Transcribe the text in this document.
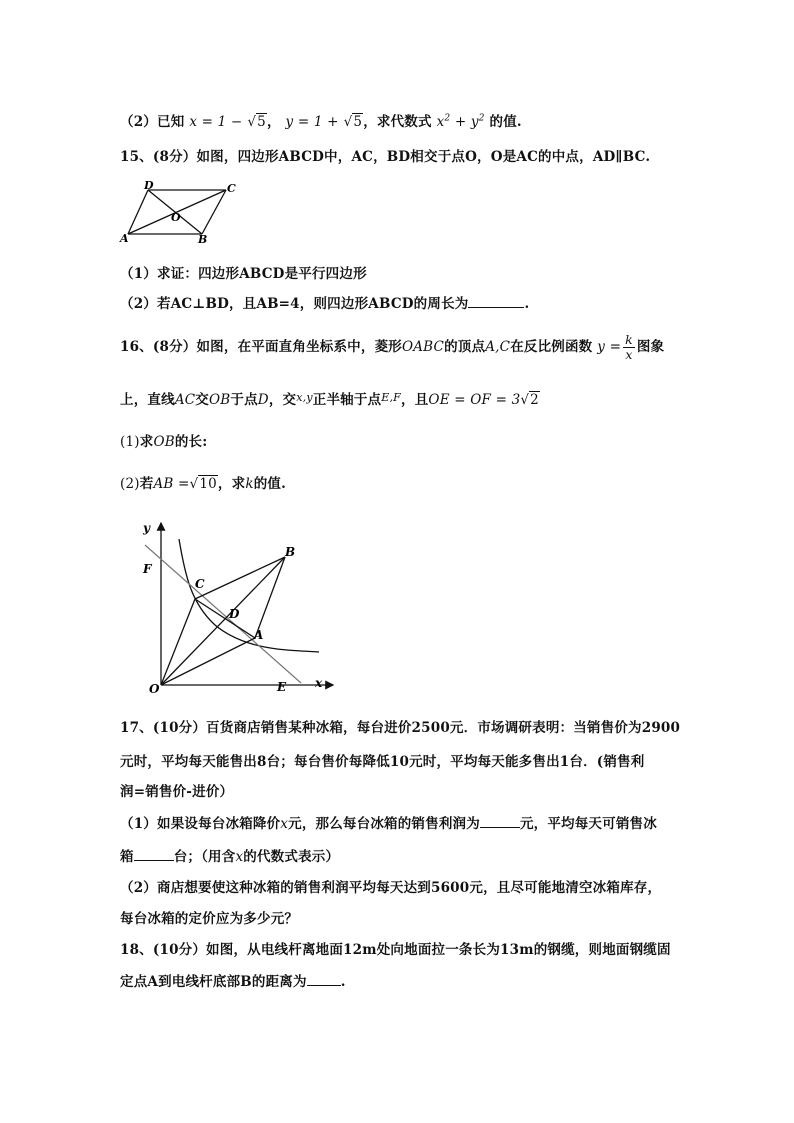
（2）已知 x = 1 − √5， y = 1 + √5，求代数式 $x^2 + y^2$ 的值.
15、(8分）如图，四边形ABCD中，AC，BD相交于点O，O是AC的中点，AD∥BC.
D	C
A	B
O
（1）求证：四边形ABCD是平行四边形
（2）若AC⊥BD，且AB=4，则四边形ABCD的周长为	.
16、(8分）如图，在平面直角坐标系中，菱形OABC的顶点A,C在反比例函数 $y = \frac{k}{x}$ 图象
上，直线AC交OB于点D，交$^{x,y}$正半轴于点$^{E,F}$，且OE = OF = 3√2
(1)求OB的长:
(2)若AB =√10，求k的值.
y
x
F
C
B
D
A
O	E
17、(10分）百货商店销售某种冰箱，每台进价2500元．市场调研表明：当销售价为2900
元时，平均每天能售出8台；每台售价每降低10元时，平均每天能多售出1台．(销售利
润=销售价-进价）
（1）如果设每台冰箱降价x元，那么每台冰箱的销售利润为	元，平均每天可销售冰
箱	台；（用含x的代数式表示）
（2）商店想要使这种冰箱的销售利润平均每天达到5600元，且尽可能地清空冰箱库存，
每台冰箱的定价应为多少元？
18、(10分）如图，从电线杆离地面12m处向地面拉一条长为13m的钢缆，则地面钢缆固
定点A到电线杆底部B的距离为	.
